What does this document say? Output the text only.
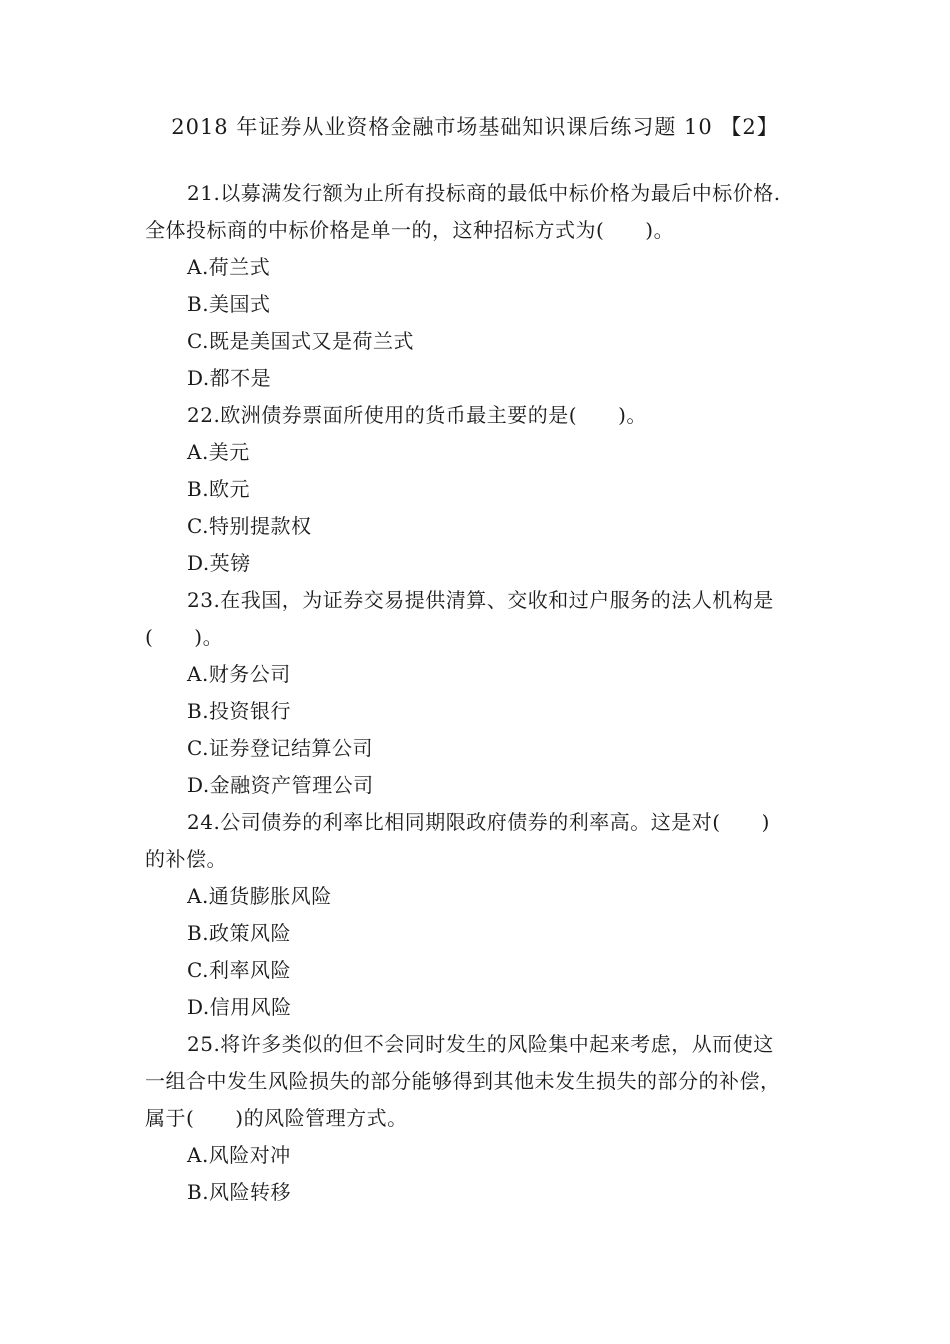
2018 年证券从业资格金融市场基础知识课后练习题 10 【2】
21.以募满发行额为止所有投标商的最低中标价格为最后中标价格.
全体投标商的中标价格是单一的，这种招标方式为(　　)。
A.荷兰式
B.美国式
C.既是美国式又是荷兰式
D.都不是
22.欧洲债券票面所使用的货币最主要的是(　　)。
A.美元
B.欧元
C.特别提款权
D.英镑
23.在我国，为证券交易提供清算、交收和过户服务的法人机构是
(　　)。
A.财务公司
B.投资银行
C.证券登记结算公司
D.金融资产管理公司
24.公司债券的利率比相同期限政府债券的利率高。这是对(　　)
的补偿。
A.通货膨胀风险
B.政策风险
C.利率风险
D.信用风险
25.将许多类似的但不会同时发生的风险集中起来考虑，从而使这
一组合中发生风险损失的部分能够得到其他未发生损失的部分的补偿，
属于(　　)的风险管理方式。
A.风险对冲
B.风险转移
